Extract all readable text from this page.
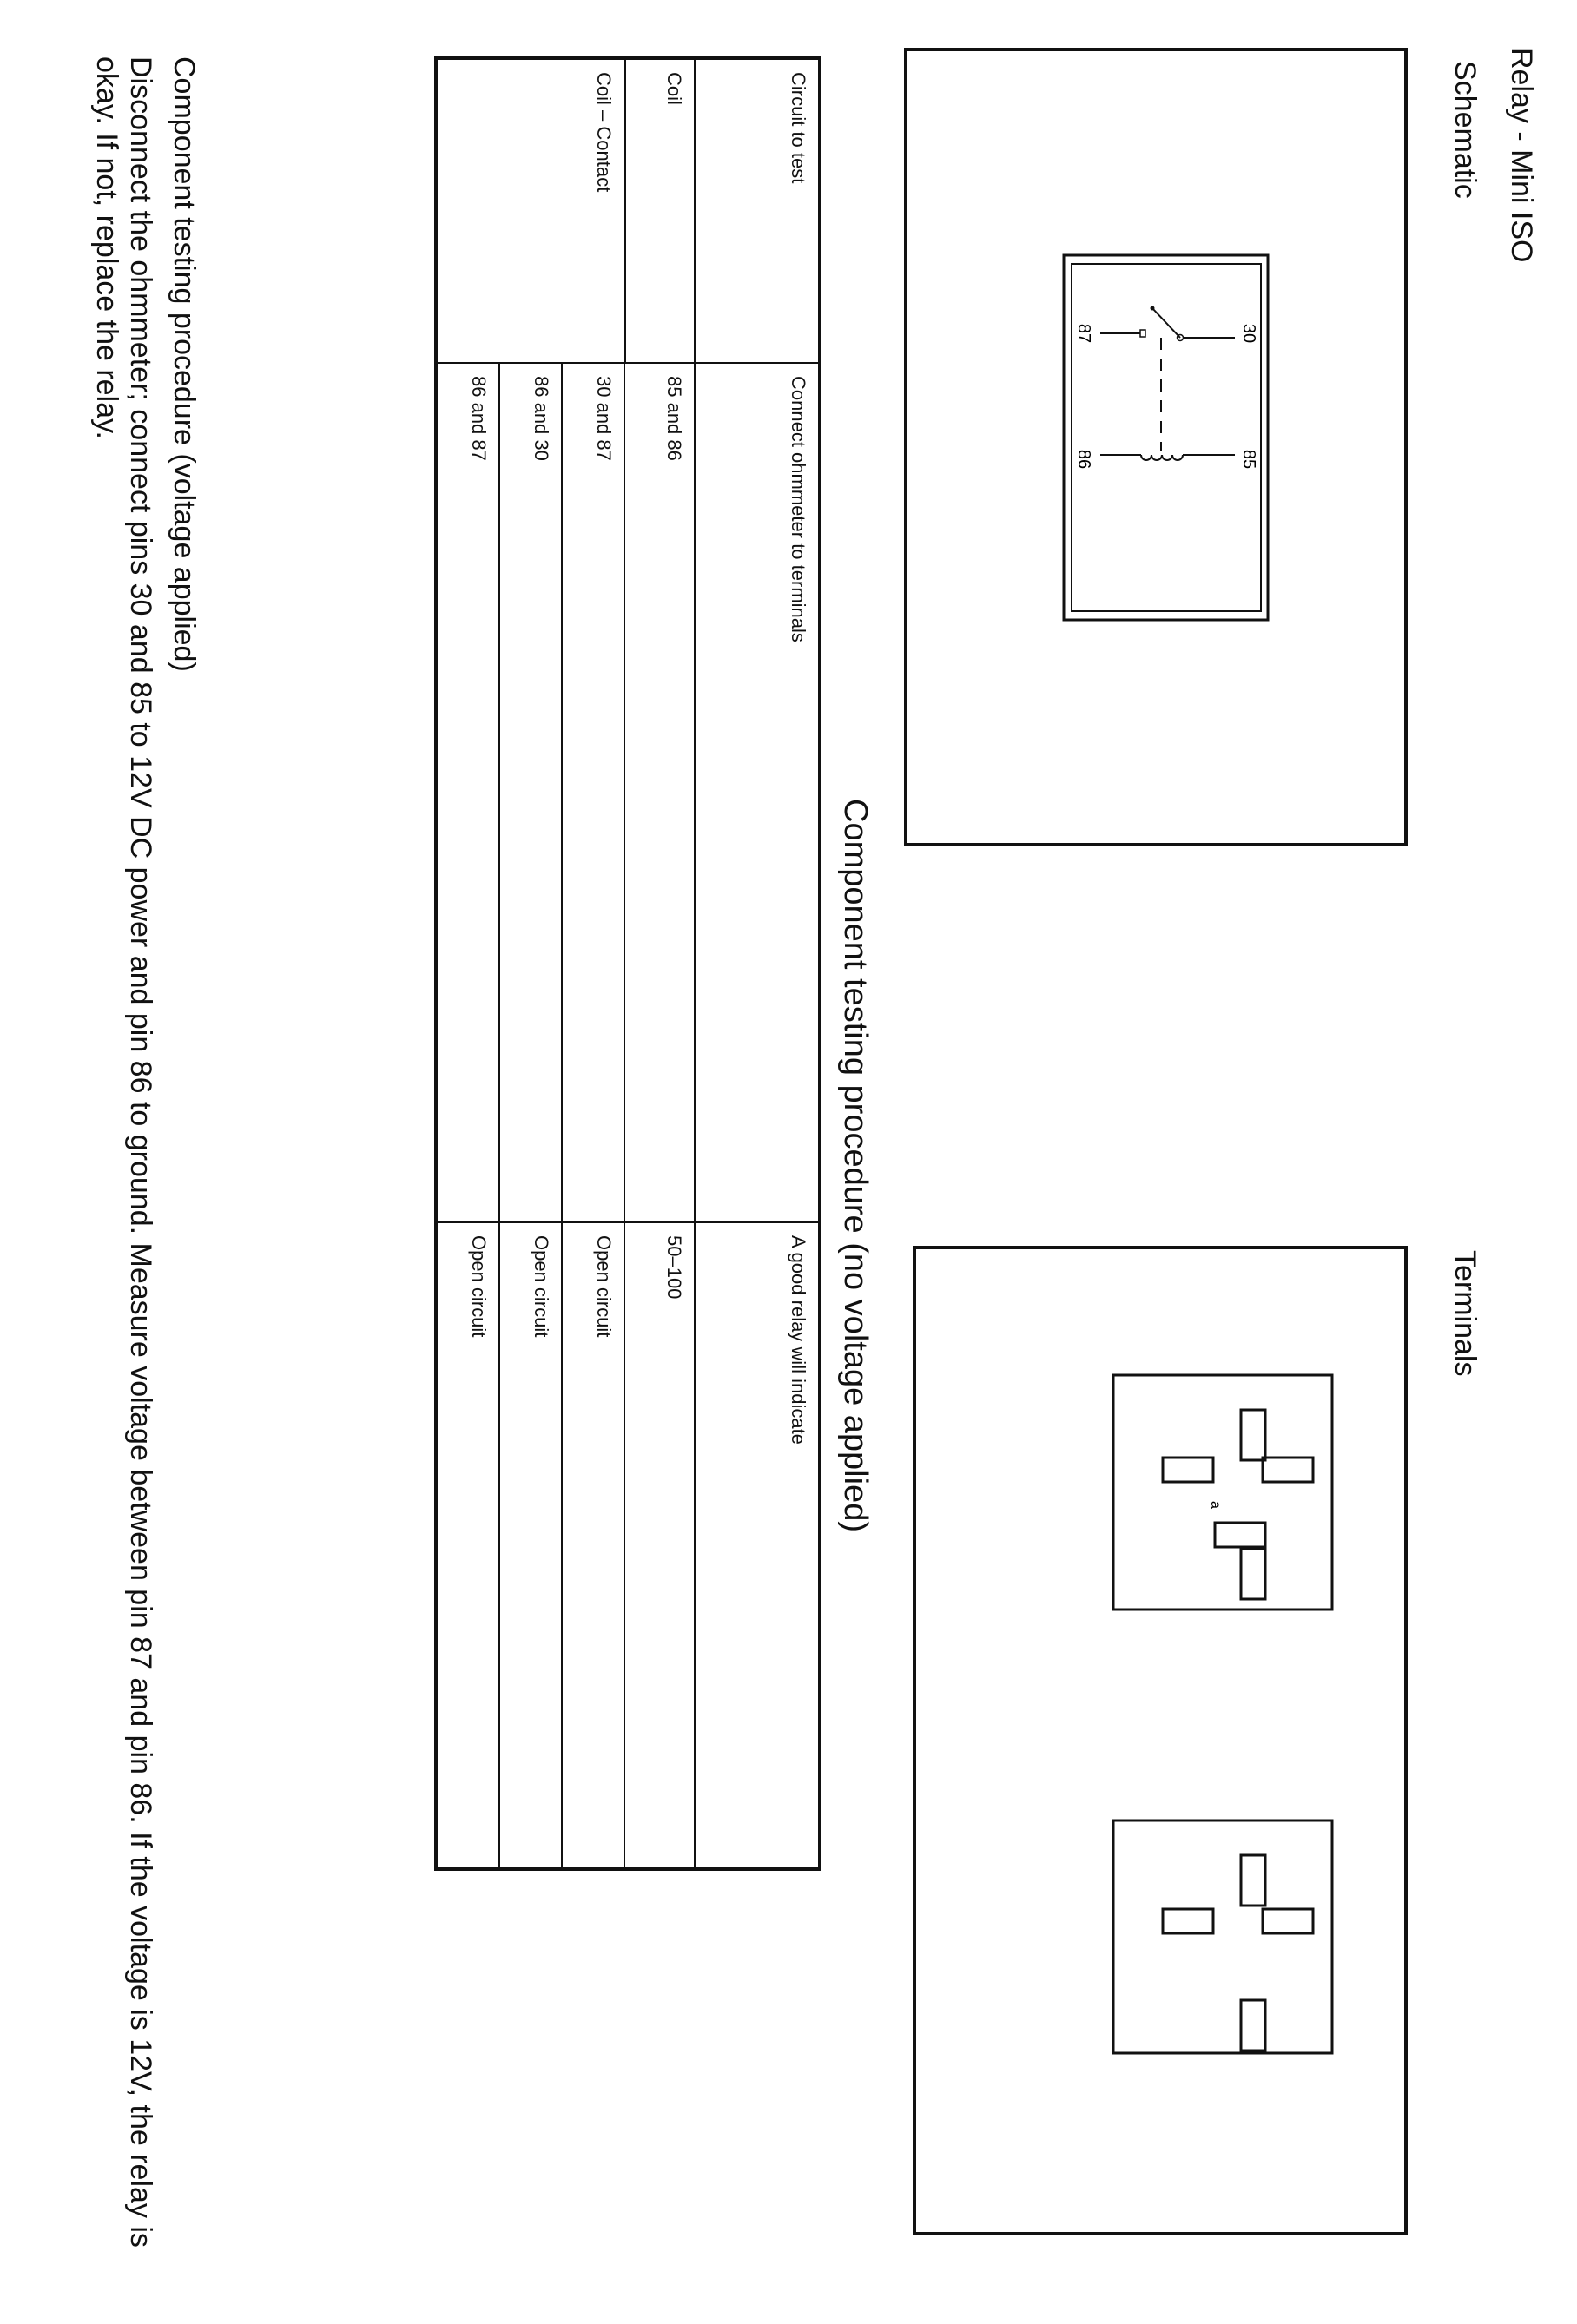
Relay - Mini ISO
Schematic
30
85
87
86
Terminals
a
Component testing procedure (no voltage applied)
Circuit to test	Connect ohmmeter to terminals	A good relay will indicate
Coil	85 and 86	50–100
Coil – Contact	30 and 87	Open circuit
	86 and 30	Open circuit
	86 and 87	Open circuit
Component testing procedure (voltage applied)
Disconnect the ohmmeter; connect pins 30 and 85 to 12V DC power and pin 86 to ground. Measure voltage between pin 87 and pin 86. If the voltage is 12V, the relay is okay. If not, replace the relay.
